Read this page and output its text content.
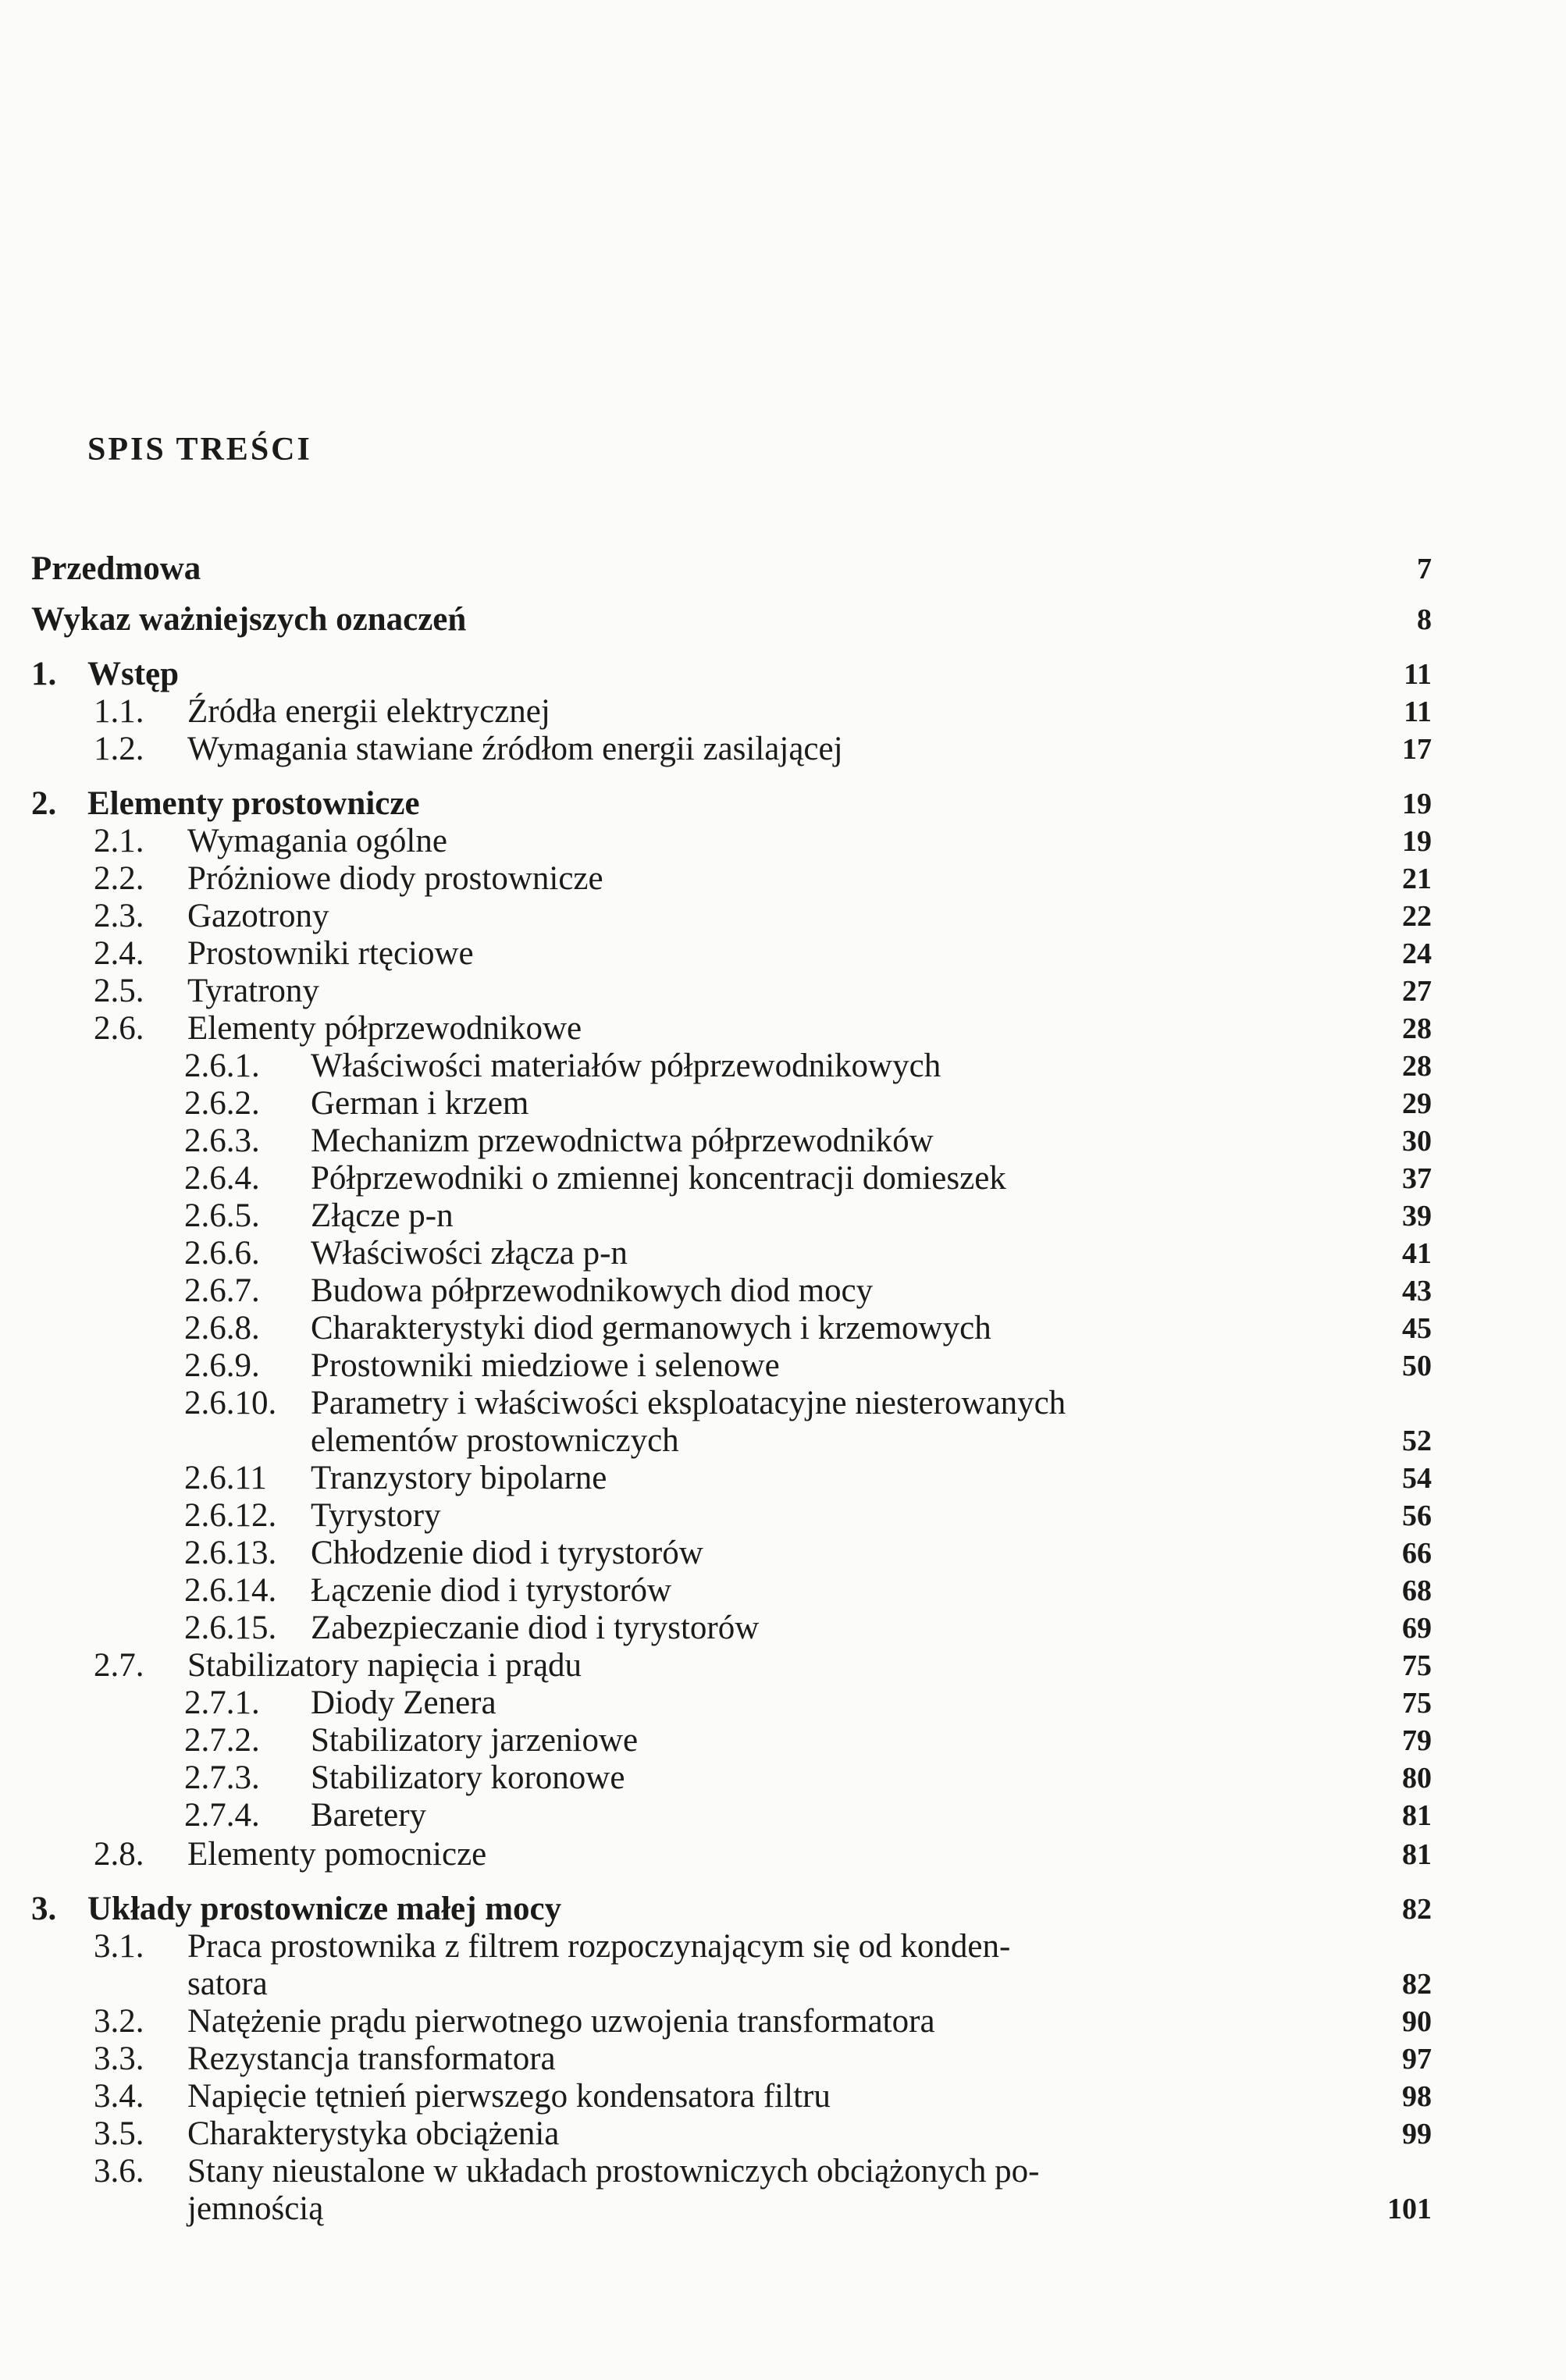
SPIS TREŚCI
Przedmowa	7
Wykaz ważniejszych oznaczeń	8
1. Wstęp	11
1.1. Źródła energii elektrycznej	11
1.2. Wymagania stawiane źródłom energii zasilającej	17
2. Elementy prostownicze	19
2.1. Wymagania ogólne	19
2.2. Próżniowe diody prostownicze	21
2.3. Gazotrony	22
2.4. Prostowniki rtęciowe	24
2.5. Tyratrony	27
2.6. Elementy półprzewodnikowe	28
2.6.1. Właściwości materiałów półprzewodnikowych	28
2.6.2. German i krzem	29
2.6.3. Mechanizm przewodnictwa półprzewodników	30
2.6.4. Półprzewodniki o zmiennej koncentracji domieszek	37
2.6.5. Złącze p-n	39
2.6.6. Właściwości złącza p-n	41
2.6.7. Budowa półprzewodnikowych diod mocy	43
2.6.8. Charakterystyki diod germanowych i krzemowych	45
2.6.9. Prostowniki miedziowe i selenowe	50
2.6.10. Parametry i właściwości eksploatacyjne niesterowanych
elementów prostowniczych	52
2.6.11 Tranzystory bipolarne	54
2.6.12. Tyrystory	56
2.6.13. Chłodzenie diod i tyrystorów	66
2.6.14. Łączenie diod i tyrystorów	68
2.6.15. Zabezpieczanie diod i tyrystorów	69
2.7. Stabilizatory napięcia i prądu	75
2.7.1. Diody Zenera	75
2.7.2. Stabilizatory jarzeniowe	79
2.7.3. Stabilizatory koronowe	80
2.7.4. Baretery	81
2.8. Elementy pomocnicze	81
3. Układy prostownicze małej mocy	82
3.1. Praca prostownika z filtrem rozpoczynającym się od konden-
satora	82
3.2. Natężenie prądu pierwotnego uzwojenia transformatora	90
3.3. Rezystancja transformatora	97
3.4. Napięcie tętnień pierwszego kondensatora filtru	98
3.5. Charakterystyka obciążenia	99
3.6. Stany nieustalone w układach prostowniczych obciążonych po-
jemnością	101
